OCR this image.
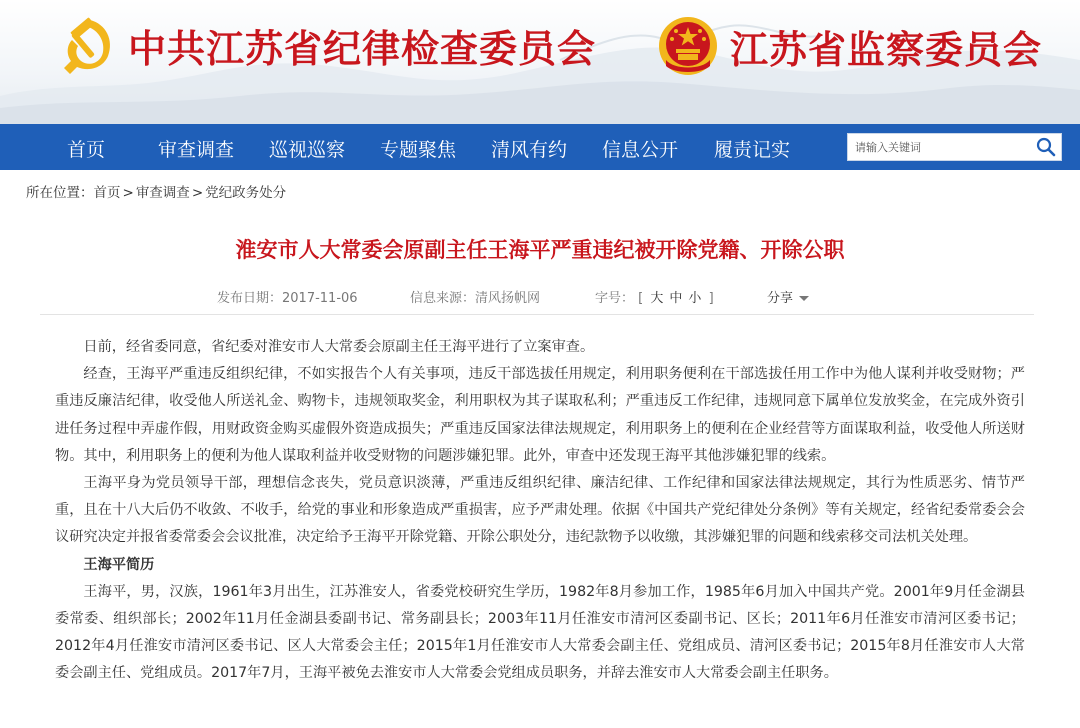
中共江苏省纪律检查委员会	江苏省监察委员会
首页	审查调查 巡视巡察 专题聚焦 清风有约 信息公开 履责记实
请输入关键词
所在位置：首页 > 审查调查 > 党纪政务处分
淮安市人大常委会原副主任王海平严重违纪被开除党籍、开除公职
发布日期：2017-11-06	信息来源：清风扬帆网	字号： [ 大 中 小 ]	分享

日前，经省委同意，省纪委对淮安市人大常委会原副主任王海平进行了立案审查。

经查，王海平严重违反组织纪律，不如实报告个人有关事项，违反干部选拔任用规定，利用职务便利在干部选拔任用工作中为他人谋利并收受财物；严重违反廉洁纪律，收受他人所送礼金、购物卡，违规领取奖金，利用职权为其子谋取私利；严重违反工作纪律，违规同意下属单位发放奖金，在完成外资引进任务过程中弄虚作假，用财政资金购买虚假外资造成损失；严重违反国家法律法规规定，利用职务上的便利在企业经营等方面谋取利益，收受他人所送财物。其中，利用职务上的便利为他人谋取利益并收受财物的问题涉嫌犯罪。此外，审查中还发现王海平其他涉嫌犯罪的线索。

王海平身为党员领导干部，理想信念丧失，党员意识淡薄，严重违反组织纪律、廉洁纪律、工作纪律和国家法律法规规定，其行为性质恶劣、情节严重，且在十八大后仍不收敛、不收手，给党的事业和形象造成严重损害，应予严肃处理。依据《中国共产党纪律处分条例》等有关规定，经省纪委常委会会议研究决定并报省委常委会会议批准，决定给予王海平开除党籍、开除公职处分，违纪款物予以收缴，其涉嫌犯罪的问题和线索移交司法机关处理。

王海平简历

王海平，男，汉族，1961年3月出生，江苏淮安人，省委党校研究生学历，1982年8月参加工作，1985年6月加入中国共产党。2001年9月任金湖县委常委、组织部长；2002年11月任金湖县委副书记、常务副县长；2003年11月任淮安市清河区委副书记、区长；2011年6月任淮安市清河区委书记；2012年4月任淮安市清河区委书记、区人大常委会主任；2015年1月任淮安市人大常委会副主任、党组成员、清河区委书记；2015年8月任淮安市人大常委会副主任、党组成员。2017年7月，王海平被免去淮安市人大常委会党组成员职务，并辞去淮安市人大常委会副主任职务。
